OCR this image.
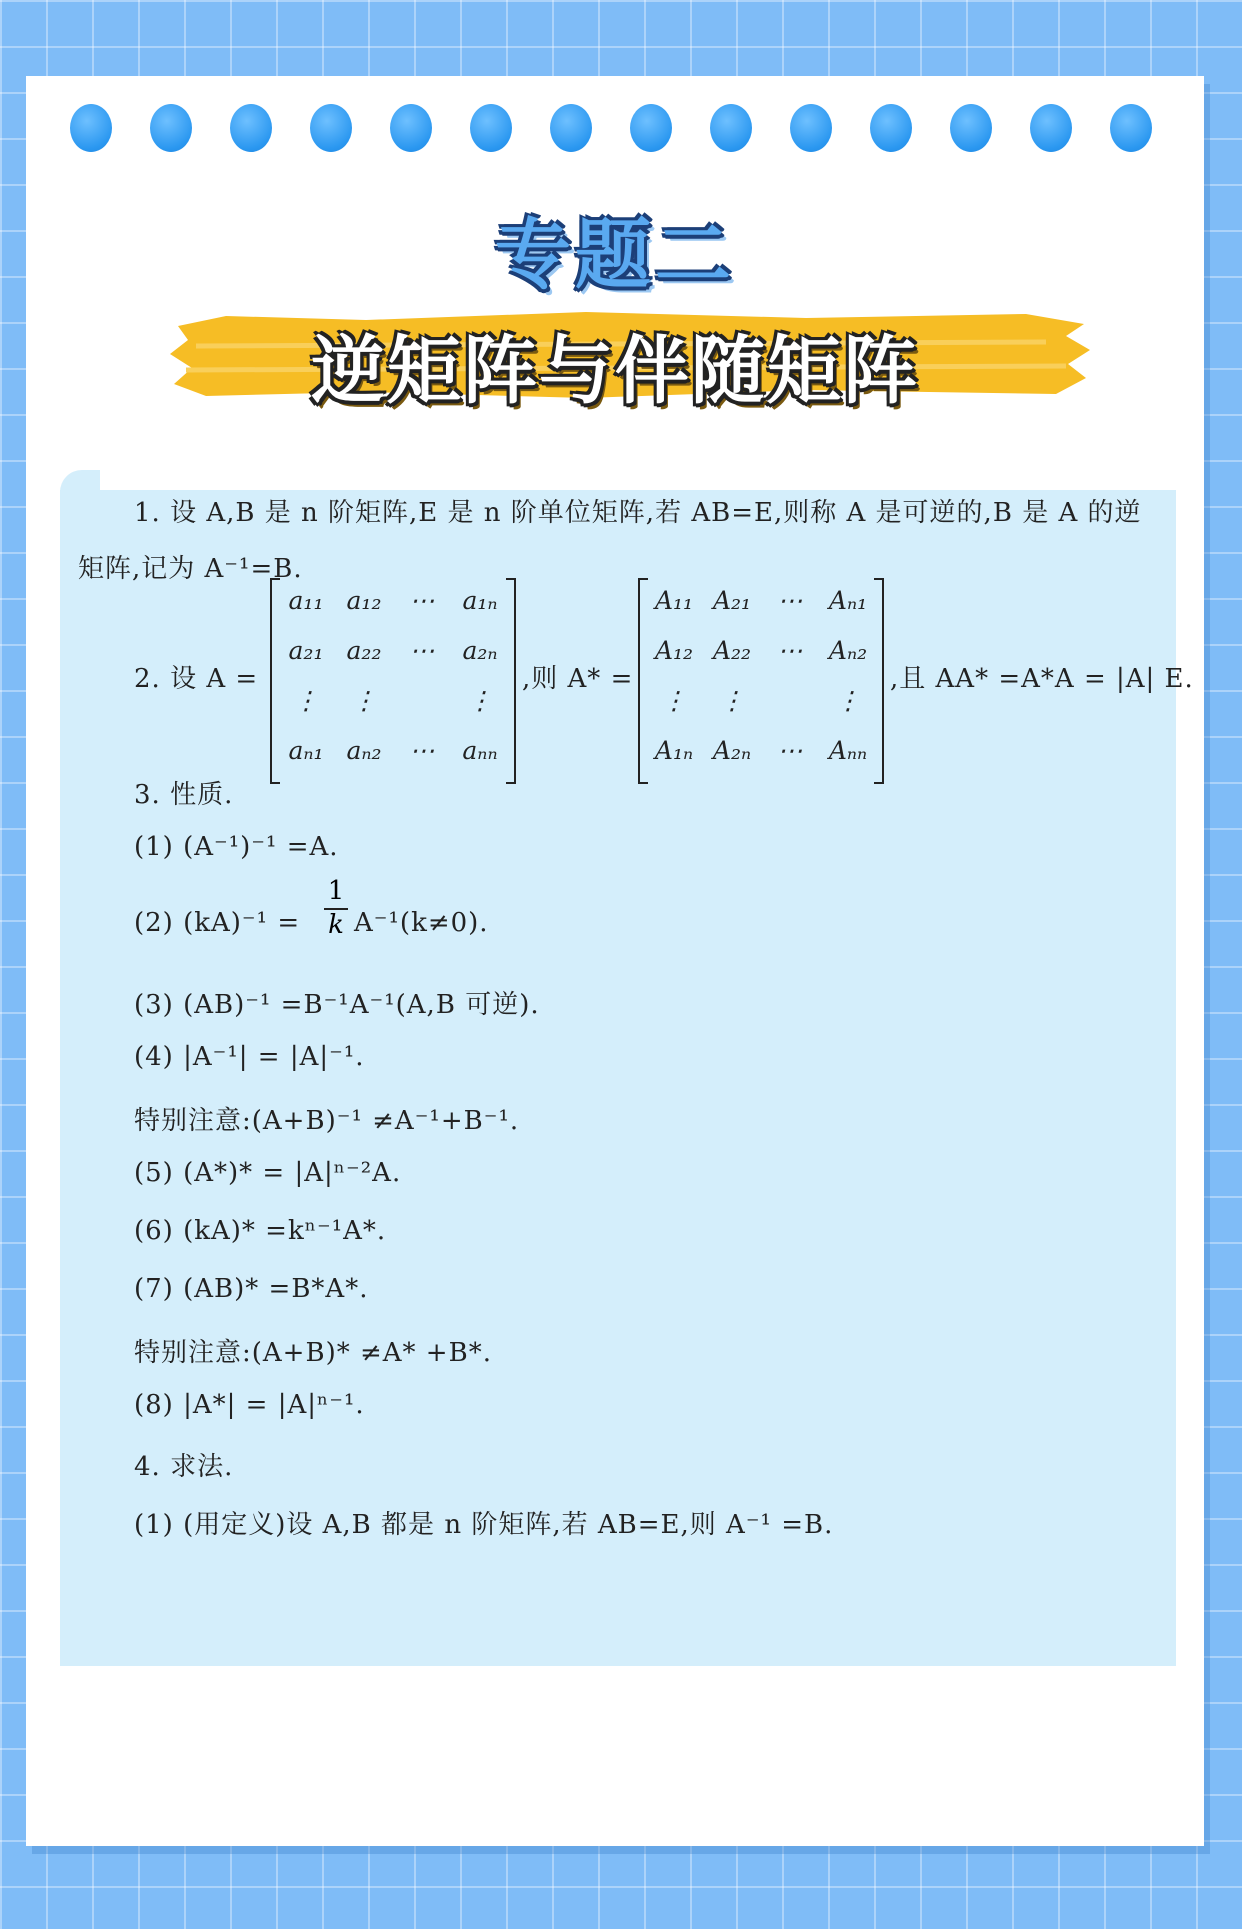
专题二
逆矩阵与伴随矩阵
1. 设 A,B 是 n 阶矩阵,E 是 n 阶单位矩阵,若 AB=E,则称 A 是可逆的,B 是 A 的逆
矩阵,记为 A⁻¹=B.
2. 设 A =
a₁₁ a₁₂	⋯	a₁ₙ
a₂₁ a₂₂	⋯	a₂ₙ
⋮	⋮	⋮
aₙ₁ aₙ₂	⋯	aₙₙ
,则 A* =
A₁₁ A₂₁	⋯	Aₙ₁
A₁₂ A₂₂	⋯	Aₙ₂
⋮	⋮	⋮
A₁ₙ A₂ₙ	⋯	Aₙₙ
,且 AA* =A*A = |A| E.
3. 性质.
(1) (A⁻¹)⁻¹ =A.
(2) (kA)⁻¹ =
1
k A⁻¹(k≠0).
(3) (AB)⁻¹ =B⁻¹A⁻¹(A,B 可逆).
(4) |A⁻¹| = |A|⁻¹.
特别注意:(A+B)⁻¹ ≠A⁻¹+B⁻¹.
(5) (A*)* = |A|ⁿ⁻²A.
(6) (kA)* =kⁿ⁻¹A*.
(7) (AB)* =B*A*.
特别注意:(A+B)* ≠A* +B*.
(8) |A*| = |A|ⁿ⁻¹.
4. 求法.
(1) (用定义)设 A,B 都是 n 阶矩阵,若 AB=E,则 A⁻¹ =B.
